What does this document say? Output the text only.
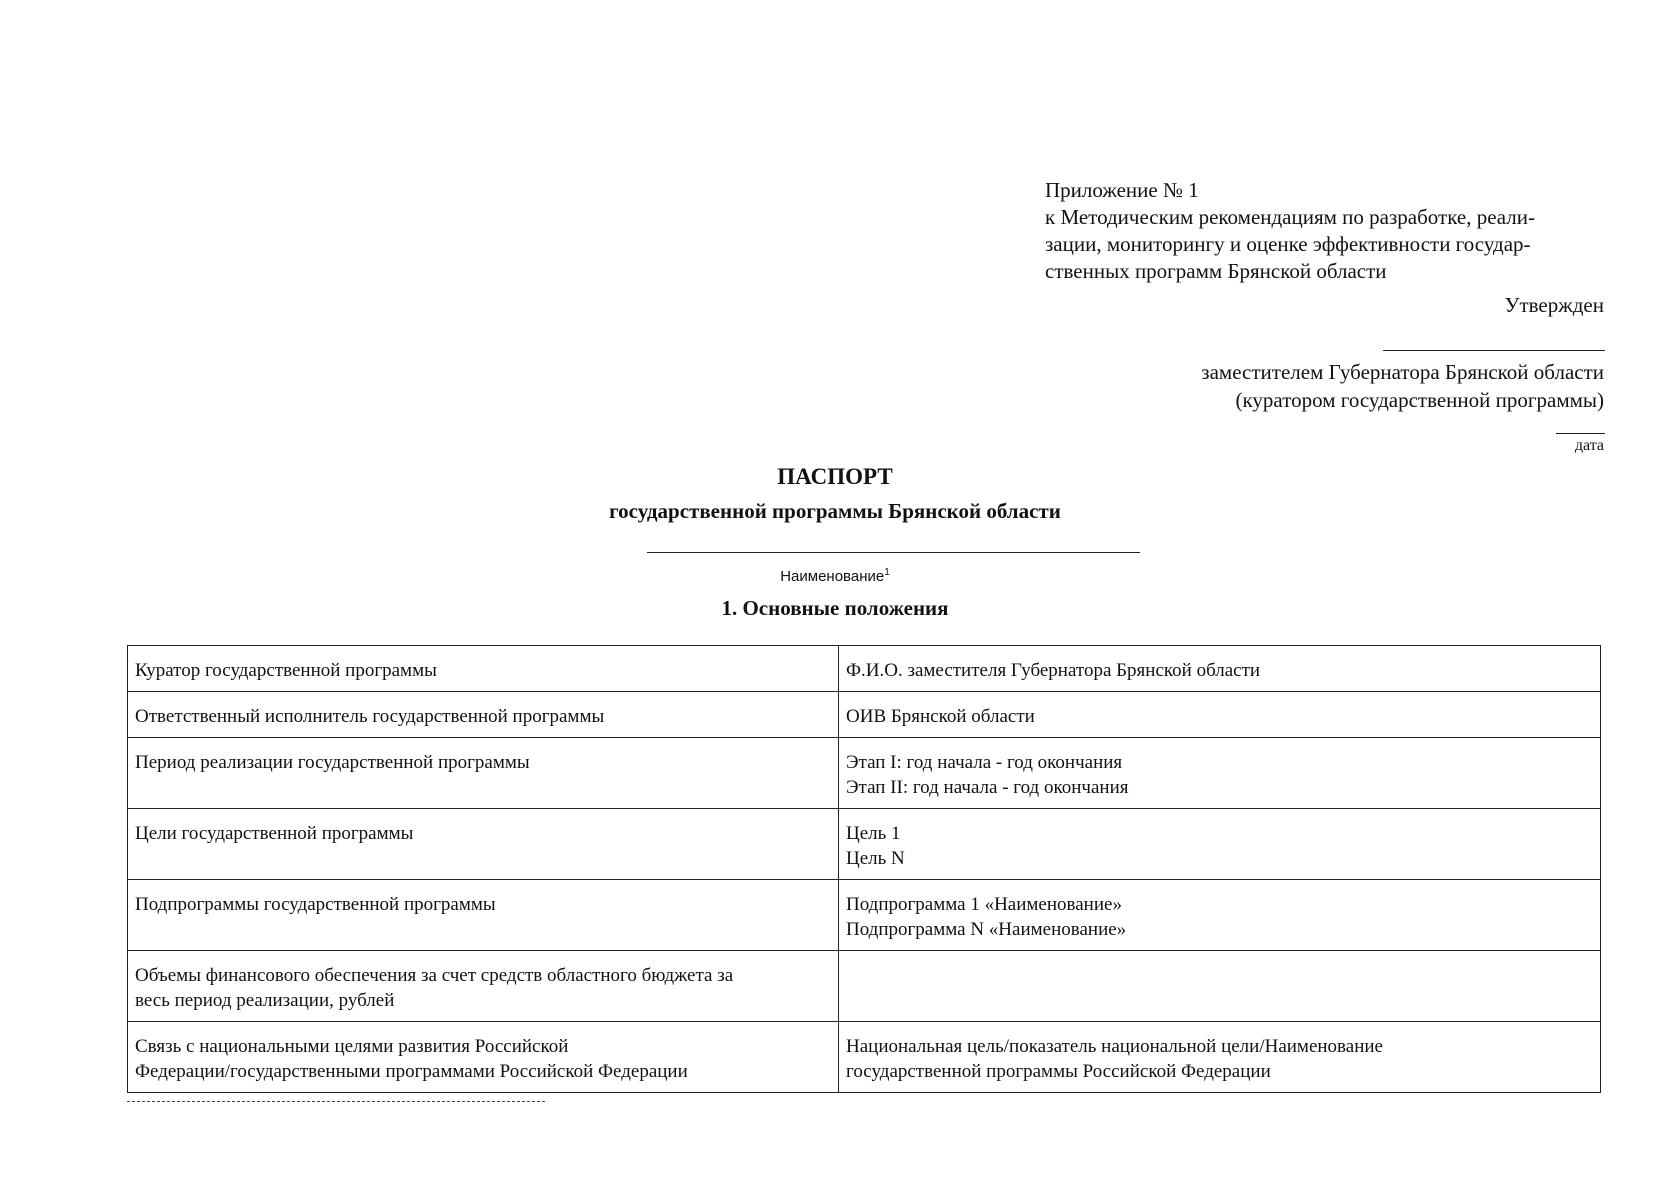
Приложение № 1
к Методическим рекомендациям по разработке, реали-
зации, мониторингу и оценке эффективности государ-
ственных программ Брянской области
Утвержден
заместителем Губернатора Брянской области
(куратором государственной программы)
дата
ПАСПОРТ
государственной программы Брянской области
Наименование$^1$
1. Основные положения
Куратор государственной программы	Ф.И.О. заместителя Губернатора Брянской области

Ответственный исполнитель государственной программы	ОИВ Брянской области

Период реализации государственной программы	Этап I: год начала - год окончания
Этап II: год начала - год окончания

Цели государственной программы	Цель 1
Цель N

Подпрограммы государственной программы	Подпрограмма 1 «Наименование»
Подпрограмма N «Наименование»

Объемы финансового обеспечения за счет средств областного бюджета за
весь период реализации, рублей	

Связь с национальными целями развития Российской
Федерации/государственными программами Российской Федерации	Национальная цель/показатель национальной цели/Наименование
государственной программы Российской Федерации
